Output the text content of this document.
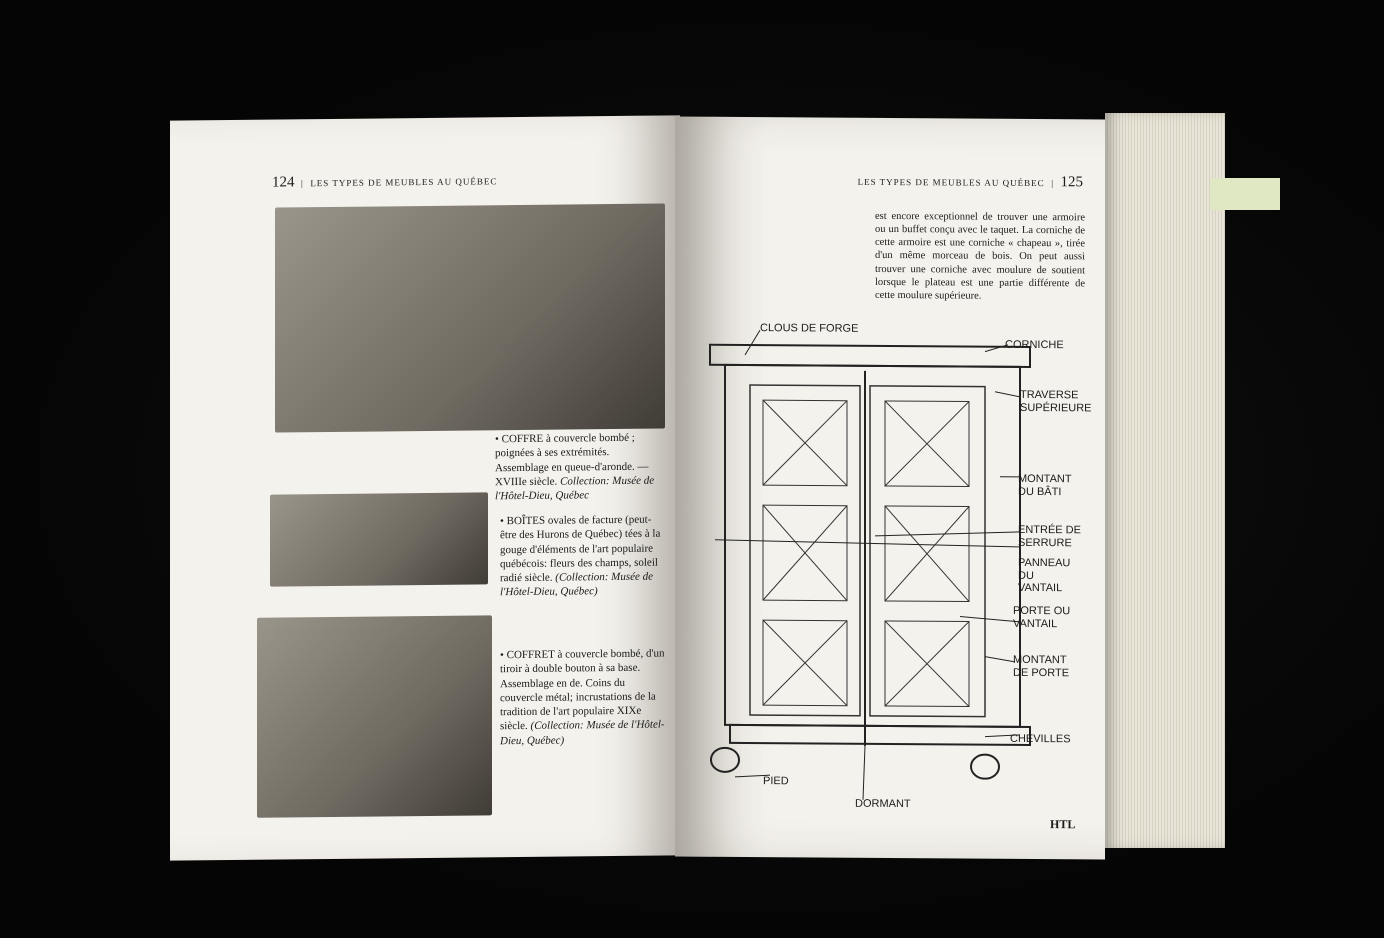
124  |  LES TYPES DE MEUBLES AU QUÉBEC
• COFFRE à couvercle bombé ; poignées à ses extrémités. Assemblage en queue-d'aronde. — XVIIIe siècle. Collection: Musée de l'Hôtel-Dieu, Québec
• BOÎTES ovales de facture (peut-être des Hurons de Québec) tées à la gouge d'éléments de l'art populaire québécois: fleurs des champs, soleil radié siècle. (Collection: Musée de l'Hôtel-Dieu, Québec)
• COFFRET à couvercle bombé, d'un tiroir à double bouton à sa base. Assemblage en de. Coins du couvercle métal; incrustations de la tradition de l'art populaire XIXe siècle. (Collection: Musée de l'Hôtel-Dieu, Québec)
LES TYPES DE MEUBLES AU QUÉBEC  |  125
est encore exceptionnel de trouver une armoire ou un buffet conçu avec le taquet. La corniche de cette armoire est une corniche « chapeau », tirée d'un même morceau de bois. On peut aussi trouver une corniche avec moulure de soutient lorsque le plateau est une partie différente de cette moulure supérieure.
CLOUS DE FORGE
CORNICHE
TRAVERSE SUPÉRIEURE
MONTANT DU BÂTI
ENTRÉE DE SERRURE
PANNEAU DU VANTAIL
PORTE OU VANTAIL
MONTANT DE PORTE
CHEVILLES
PIED
DORMANT
HTL
